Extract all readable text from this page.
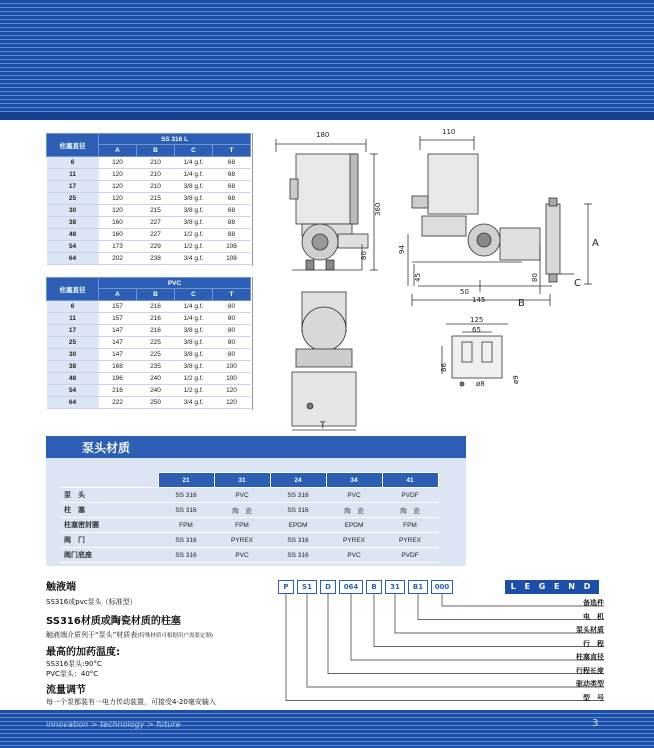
柱塞直径	SS 316 L			
	A	B	C	T
6	120	210	1/4 g.f.	68
11	120	210	1/4 g.f.	68
17	120	210	3/8 g.f.	68
25	120	215	3/8 g.f.	68
30	120	215	3/8 g.f.	68
38	160	227	3/8 g.f.	88
48	160	227	1/2 g.f.	88
54	173	229	1/2 g.f.	108
64	202	238	3/4 g.f.	108
柱塞直径	PVC			
	A	B	C	T
6	157	216	1/4 g.f.	80
11	157	216	1/4 g.f.	80
17	147	216	3/8 g.f.	80
25	147	225	3/8 g.f.	80
30	147	225	3/8 g.f.	80
38	168	235	3/8 g.f.	100
48	196	240	1/2 g.f.	100
54	216	240	1/2 g.f.	120
64	222	250	3/4 g.f.	120
180	110
360
80
94
45
50
145
80
A
C
B
T
125
65
86
ø9
ø8
泵头材质
	21	31	24	34	41
泵　头	SS 316	PVC	SS 316	PVC	PVDF
柱　塞	SS 316	陶　瓷	SS 316	陶　瓷	陶　瓷
柱塞密封圈	FPM	FPM	EPDM	EPDM	FPM
阀　门	SS 316	PYREX	SS 316	PYREX	PYREX
阀门底座	SS 316	PVC	SS 316	PVC	PVDF
触液端
SS316或pvc泵头（标准型）
SS316材质或陶瓷材质的柱塞
触液端介质列于“泵头”材质表(特殊材质可根据用户需要定制)
最高的加药温度:
SS316泵头:90°C
PVC泵头：40°C
流量调节
每一个泵都装有一电力传动装置，可接受4-20毫安输入
P	S1	D	064	B	31	B1	000	L E G E N D
备选件
电　机
泵头材质
行　程
柱塞直径
行程长度
驱动类型
型　号
innovation > technology > future	3
